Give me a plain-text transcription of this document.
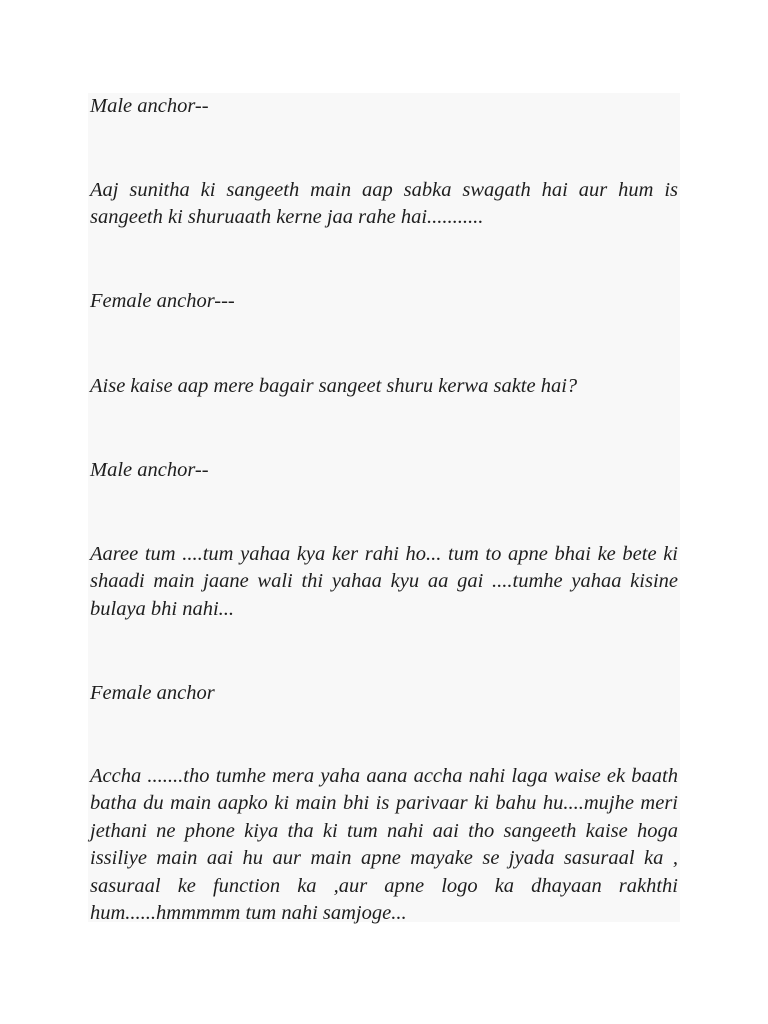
Male anchor--

Aaj sunitha ki sangeeth main aap sabka swagath hai aur hum is sangeeth ki shuruaath kerne jaa rahe hai...........

Female anchor---

Aise kaise aap mere bagair sangeet shuru kerwa sakte hai?

Male anchor--

Aaree tum ....tum yahaa kya ker rahi ho... tum to apne bhai ke bete ki shaadi main jaane wali thi yahaa kyu aa gai ....tumhe yahaa kisine bulaya bhi nahi...

Female anchor

Accha .......tho tumhe mera yaha aana accha nahi laga waise ek baath batha du main aapko ki main bhi is parivaar ki bahu hu....mujhe meri jethani ne phone kiya tha ki tum nahi aai tho sangeeth kaise hoga issiliye main aai hu aur main apne mayake se jyada sasuraal ka , sasuraal ke function ka ,aur apne logo ka dhayaan rakhthi hum......hmmmmm tum nahi samjoge...
